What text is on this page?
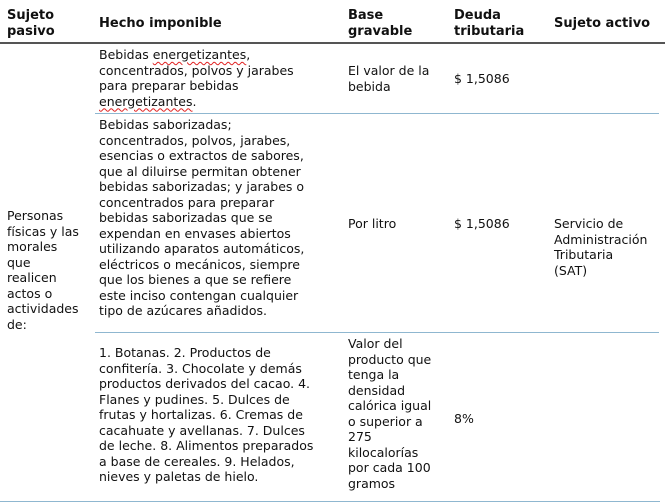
Sujeto
pasivo
Hecho imponible
Base
gravable
Deuda
tributaria
Sujeto activo
Personas
físicas y las
morales
que
realicen
actos o
actividades
de:
Servicio de
Administración
Tributaria
(SAT)
Bebidas energetizantes,
concentrados, polvos y jarabes
para preparar bebidas
energetizantes.
El valor de la
bebida	$ 1,5086
Bebidas saborizadas;
concentrados, polvos, jarabes,
esencias o extractos de sabores,
que al diluirse permitan obtener
bebidas saborizadas; y jarabes o
concentrados para preparar
bebidas saborizadas que se
expendan en envases abiertos
utilizando aparatos automáticos,
eléctricos o mecánicos, siempre
que los bienes a que se refiere
este inciso contengan cualquier
tipo de azúcares añadidos.
Por litro	$ 1,5086
1. Botanas. 2. Productos de
confitería. 3. Chocolate y demás
productos derivados del cacao. 4.
Flanes y pudines. 5. Dulces de
frutas y hortalizas. 6. Cremas de
cacahuate y avellanas. 7. Dulces
de leche. 8. Alimentos preparados
a base de cereales. 9. Helados,
nieves y paletas de hielo.
Valor del
producto que
tenga la
densidad
calórica igual
o superior a
275
kilocalorías
por cada 100
gramos
8%
